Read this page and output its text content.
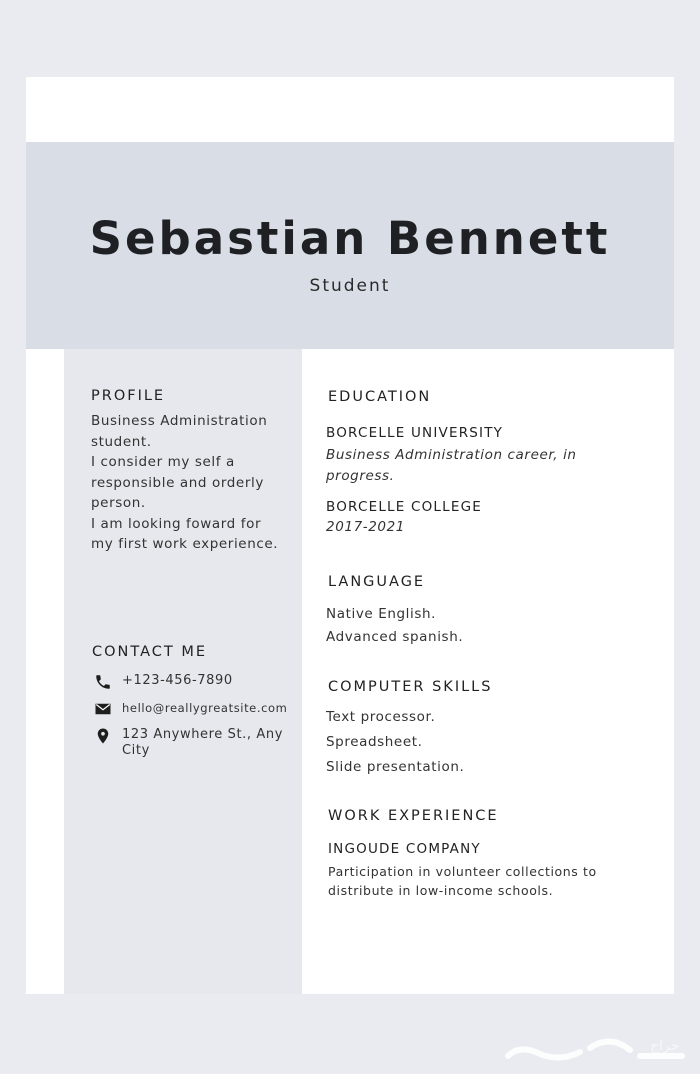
Sebastian Bennett
Student
PROFILE
Business Administration
student.
I consider my self a
responsible and orderly
person.
I am looking foward for
my first work experience.
CONTACT ME
+123-456-7890
hello@reallygreatsite.com
123 Anywhere St., Any
City
EDUCATION
BORCELLE UNIVERSITY
Business Administration career, in
progress.
BORCELLE COLLEGE
2017-2021
LANGUAGE
Native English.
Advanced spanish.
COMPUTER SKILLS
Text processor.
Spreadsheet.
Slide presentation.
WORK EXPERIENCE
INGOUDE COMPANY
Participation in volunteer collections to
distribute in low-income schools.
حراج
